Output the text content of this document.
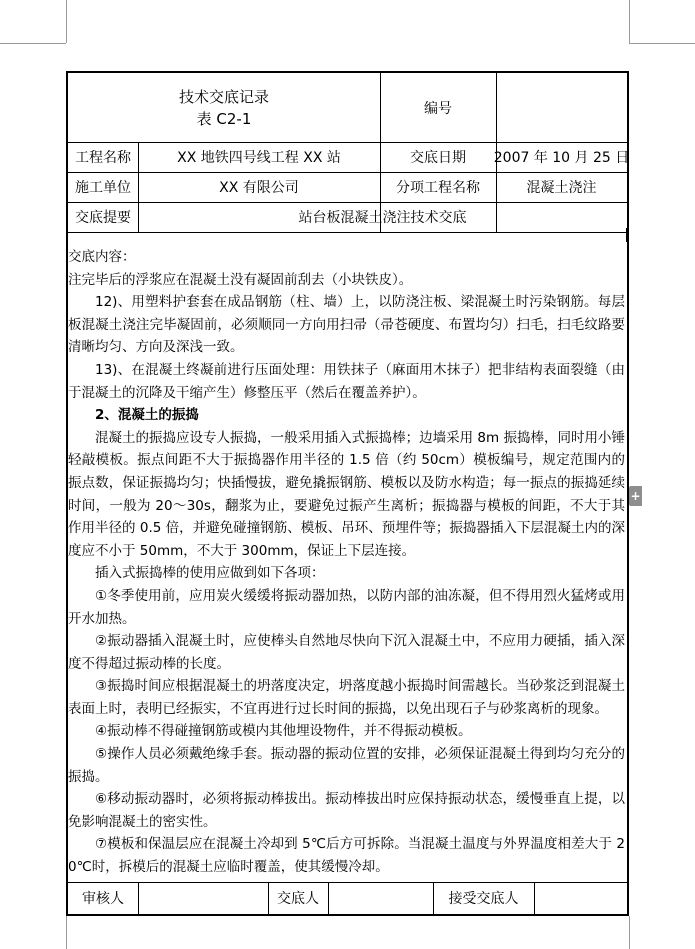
技术交底记录
表 C2-1
编号
工程名称	XX 地铁四号线工程 XX 站	交底日期	2007 年 10 月 25 日
施工单位	XX 有限公司	分项工程名称	混凝土浇注
交底提要	站台板混凝土浇注技术交底

交底内容：

注完毕后的浮浆应在混凝土没有凝固前刮去（小块铁皮）。

12)、用塑料护套套在成品钢筋（柱、墙）上，以防浇注板、梁混凝土时污染钢筋。每层板混凝土浇注完毕凝固前，必须顺同一方向用扫帚（帚苍硬度、布置均匀）扫毛，扫毛纹路要清晰均匀、方向及深浅一致。

13)、在混凝土终凝前进行压面处理：用铁抹子（麻面用木抹子）把非结构表面裂缝（由于混凝土的沉降及干缩产生）修整压平（然后在覆盖养护）。

2、混凝土的振捣

混凝土的振捣应设专人振捣，一般采用插入式振捣棒；边墙采用 8m 振捣棒，同时用小锤轻敲模板。振点间距不大于振捣器作用半径的 1.5 倍（约 50cm）模板编号，规定范围内的振点数，保证振捣均匀；快插慢拔，避免撬振钢筋、模板以及防水构造；每一振点的振捣延续时间，一般为 20～30s，翻浆为止，要避免过振产生离析；振捣器与模板的间距，不大于其作用半径的 0.5 倍，并避免碰撞钢筋、模板、吊环、预埋件等；振捣器插入下层混凝土内的深度应不小于 50mm，不大于 300mm，保证上下层连接。

插入式振捣棒的使用应做到如下各项：

①冬季使用前，应用炭火缓缓将振动器加热，以防内部的油冻凝，但不得用烈火猛烤或用开水加热。

②振动器插入混凝土时，应使棒头自然地尽快向下沉入混凝土中，不应用力硬插，插入深度不得超过振动棒的长度。

③振捣时间应根据混凝土的坍落度决定，坍落度越小振捣时间需越长。当砂浆泛到混凝土表面上时，表明已经振实，不宜再进行过长时间的振捣，以免出现石子与砂浆离析的现象。

④振动棒不得碰撞钢筋或模内其他埋设物件，并不得振动模板。

⑤操作人员必须戴绝缘手套。振动器的振动位置的安排，必须保证混凝土得到均匀充分的振捣。

⑥移动振动器时，必须将振动棒拔出。振动棒拔出时应保持振动状态，缓慢垂直上提，以免影响混凝土的密实性。

⑦模板和保温层应在混凝土冷却到 5℃后方可拆除。当混凝土温度与外界温度相差大于 20℃时，拆模后的混凝土应临时覆盖，使其缓慢冷却。

审核人	交底人	接受交底人
+
